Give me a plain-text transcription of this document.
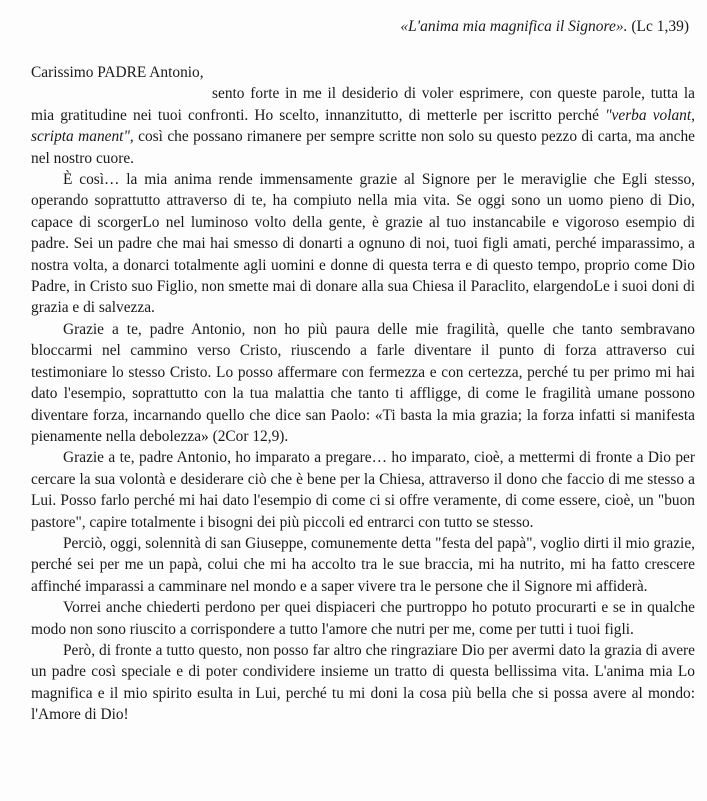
«L'anima mia magnifica il Signore». (Lc 1,39)

Carissimo PADRE Antonio,

sento forte in me il desiderio di voler esprimere, con queste parole, tutta la mia gratitudine nei tuoi confronti. Ho scelto, innanzitutto, di metterle per iscritto perché "verba volant, scripta manent", così che possano rimanere per sempre scritte non solo su questo pezzo di carta, ma anche nel nostro cuore.

È così… la mia anima rende immensamente grazie al Signore per le meraviglie che Egli stesso, operando soprattutto attraverso di te, ha compiuto nella mia vita. Se oggi sono un uomo pieno di Dio, capace di scorgerLo nel luminoso volto della gente, è grazie al tuo instancabile e vigoroso esempio di padre. Sei un padre che mai hai smesso di donarti a ognuno di noi, tuoi figli amati, perché imparassimo, a nostra volta, a donarci totalmente agli uomini e donne di questa terra e di questo tempo, proprio come Dio Padre, in Cristo suo Figlio, non smette mai di donare alla sua Chiesa il Paraclito, elargendoLe i suoi doni di grazia e di salvezza.

Grazie a te, padre Antonio, non ho più paura delle mie fragilità, quelle che tanto sembravano bloccarmi nel cammino verso Cristo, riuscendo a farle diventare il punto di forza attraverso cui testimoniare lo stesso Cristo. Lo posso affermare con fermezza e con certezza, perché tu per primo mi hai dato l'esempio, soprattutto con la tua malattia che tanto ti affligge, di come le fragilità umane possono diventare forza, incarnando quello che dice san Paolo: «Ti basta la mia grazia; la forza infatti si manifesta pienamente nella debolezza» (2Cor 12,9).

Grazie a te, padre Antonio, ho imparato a pregare… ho imparato, cioè, a mettermi di fronte a Dio per cercare la sua volontà e desiderare ciò che è bene per la Chiesa, attraverso il dono che faccio di me stesso a Lui. Posso farlo perché mi hai dato l'esempio di come ci si offre veramente, di come essere, cioè, un "buon pastore", capire totalmente i bisogni dei più piccoli ed entrarci con tutto se stesso.

Perciò, oggi, solennità di san Giuseppe, comunemente detta "festa del papà", voglio dirti il mio grazie, perché sei per me un papà, colui che mi ha accolto tra le sue braccia, mi ha nutrito, mi ha fatto crescere affinché imparassi a camminare nel mondo e a saper vivere tra le persone che il Signore mi affiderà.

Vorrei anche chiederti perdono per quei dispiaceri che purtroppo ho potuto procurarti e se in qualche modo non sono riuscito a corrispondere a tutto l'amore che nutri per me, come per tutti i tuoi figli.

Però, di fronte a tutto questo, non posso far altro che ringraziare Dio per avermi dato la grazia di avere un padre così speciale e di poter condividere insieme un tratto di questa bellissima vita. L'anima mia Lo magnifica e il mio spirito esulta in Lui, perché tu mi doni la cosa più bella che si possa avere al mondo: l'Amore di Dio!
